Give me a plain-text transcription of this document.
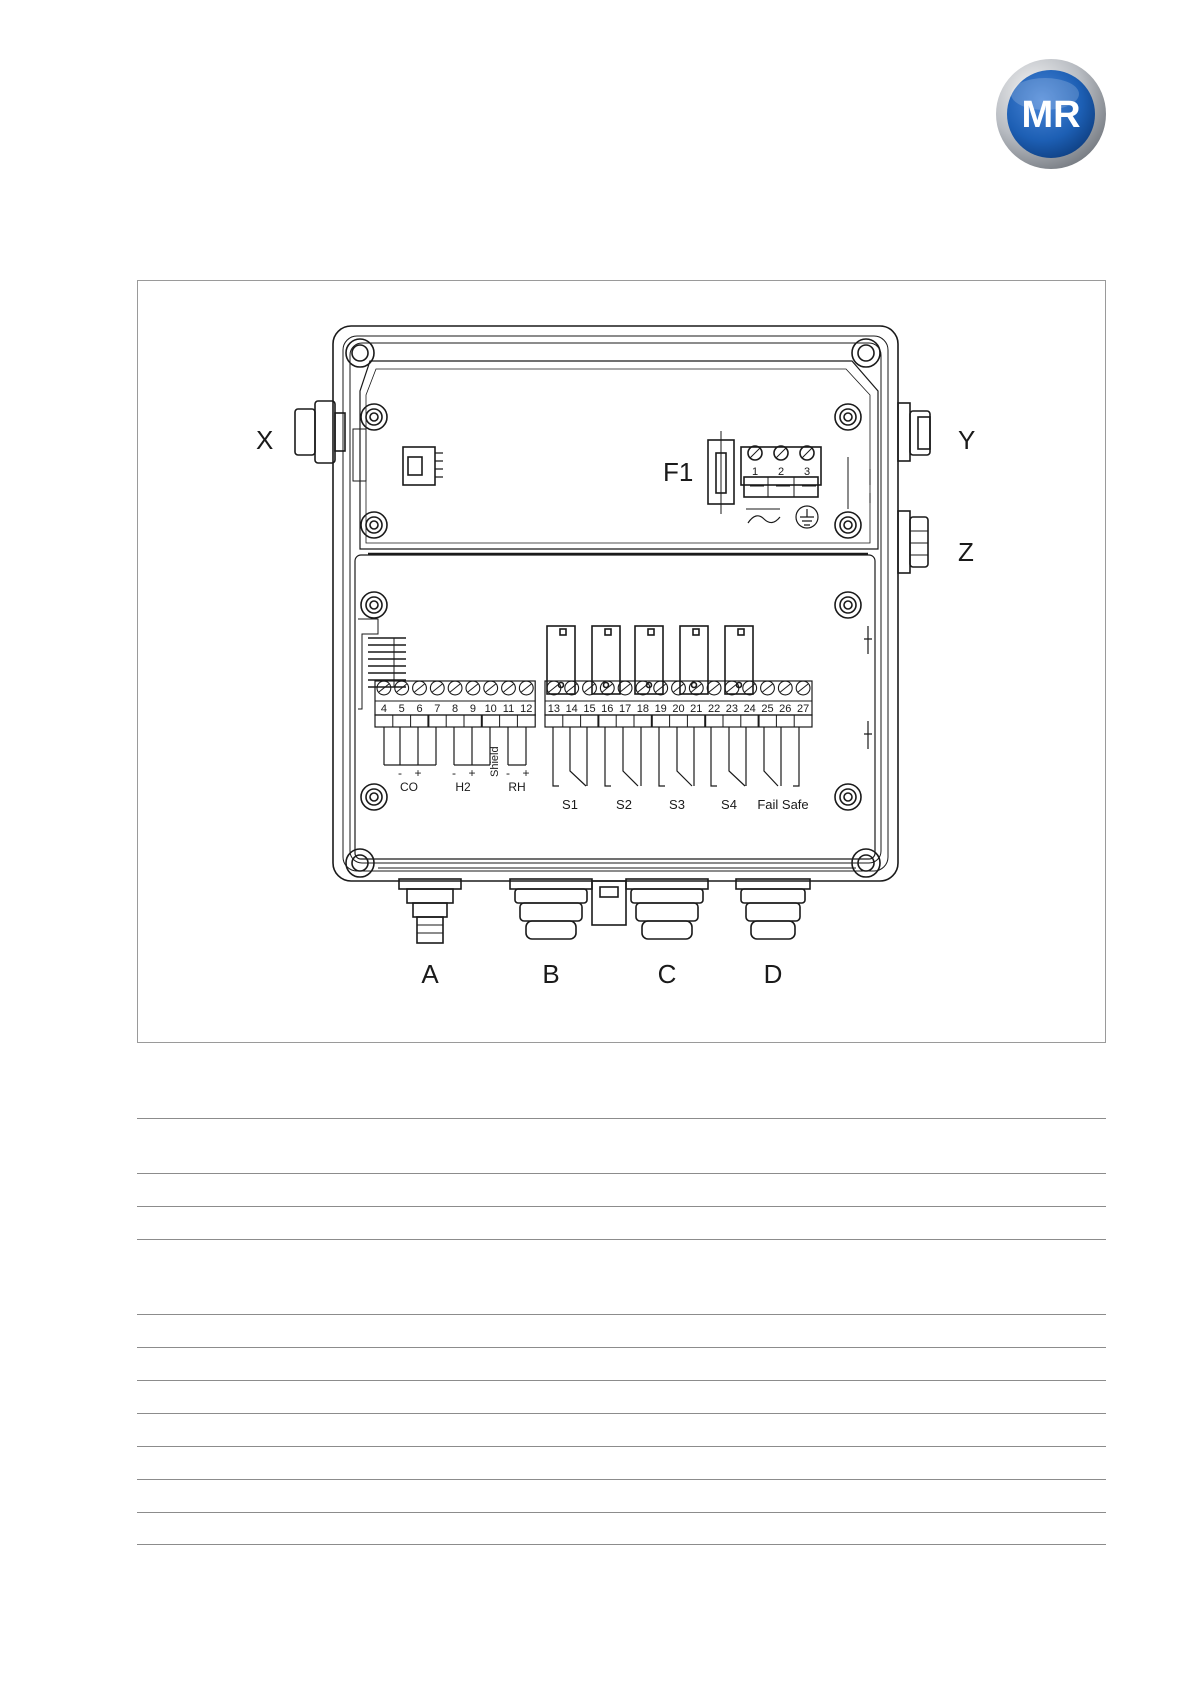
MR
X	Y
Z
F1	1 2 3
4 5 6 7 8 9 10 11 12 13 14 15 16 17 18 19 20 21 22 23 24 25 26 27
- +	- +	- +
CO	H2
Shield
RH
S1	S2	S3	S4 Fail Safe
A	B	C	D
